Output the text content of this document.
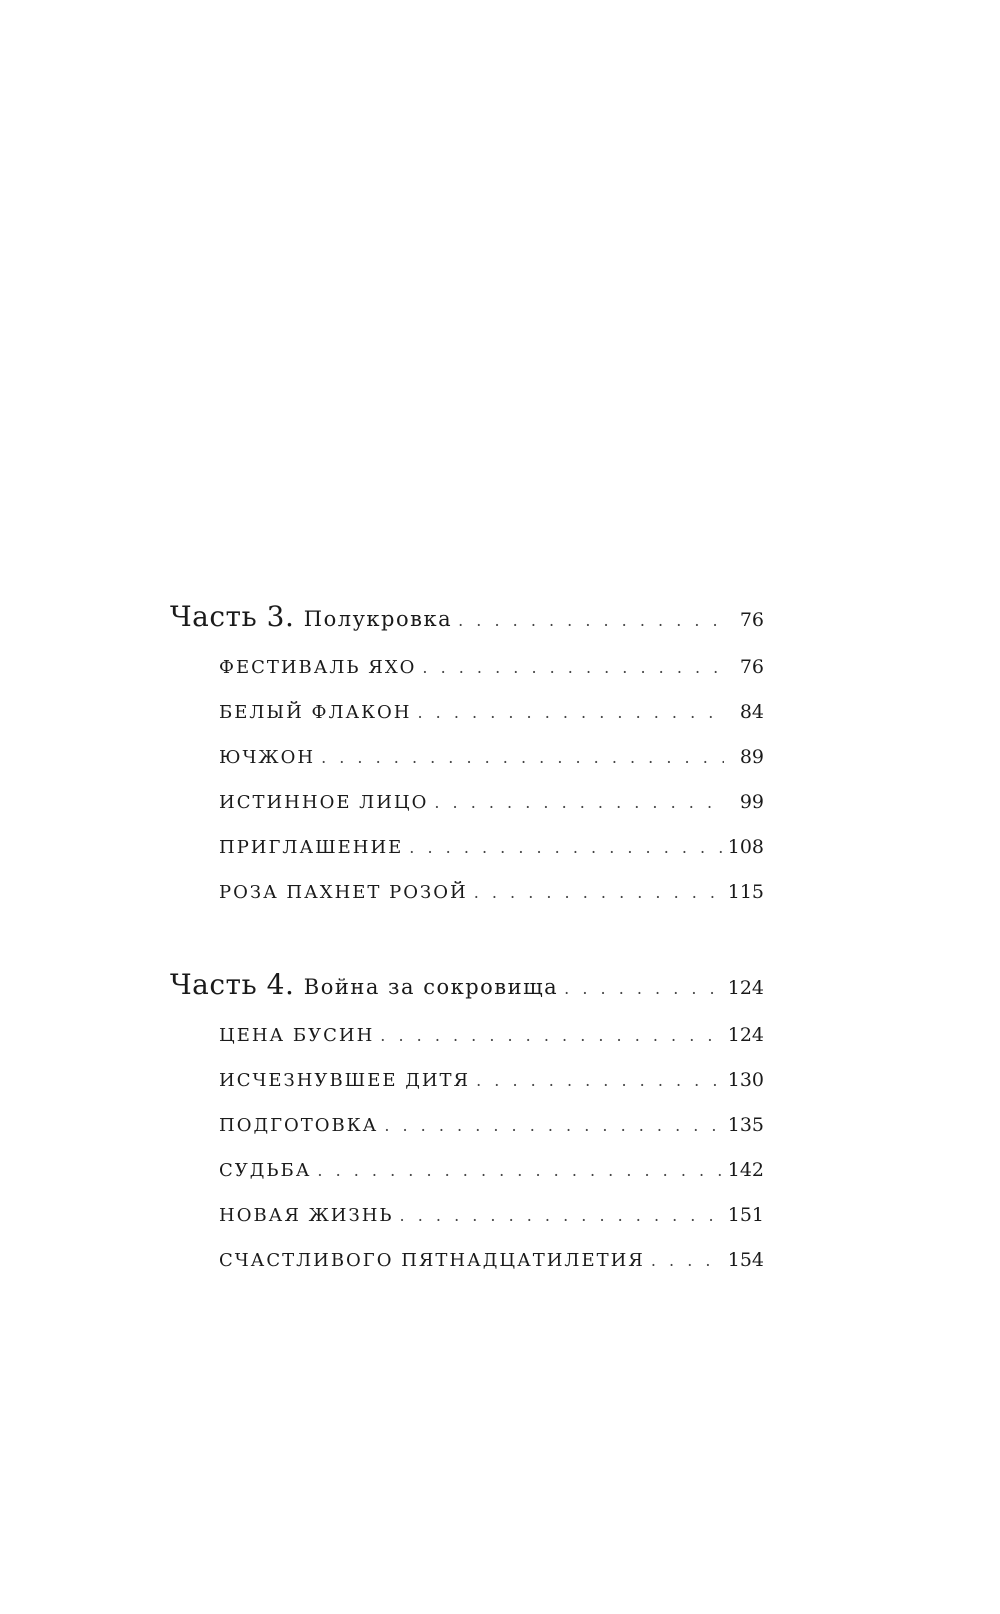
Часть 3. Полукровка . . .	76
ФЕСТИВАЛЬ ЯХО . . .	76
БЕЛЫЙ ФЛАКОН . . .	84
ЮЧЖОН . . .	89
ИСТИННОЕ ЛИЦО . . .	99
ПРИГЛАШЕНИЕ . . .	108
РОЗА ПАХНЕТ РОЗОЙ . . .	115
Часть 4. Война за сокровища . . .	124
ЦЕНА БУСИН . . .	124
ИСЧЕЗНУВШЕЕ ДИТЯ . . .	130
ПОДГОТОВКА . . .	135
СУДЬБА . . .	142
НОВАЯ ЖИЗНЬ . . .	151
СЧАСТЛИВОГО ПЯТНАДЦАТИЛЕТИЯ . . .	154
